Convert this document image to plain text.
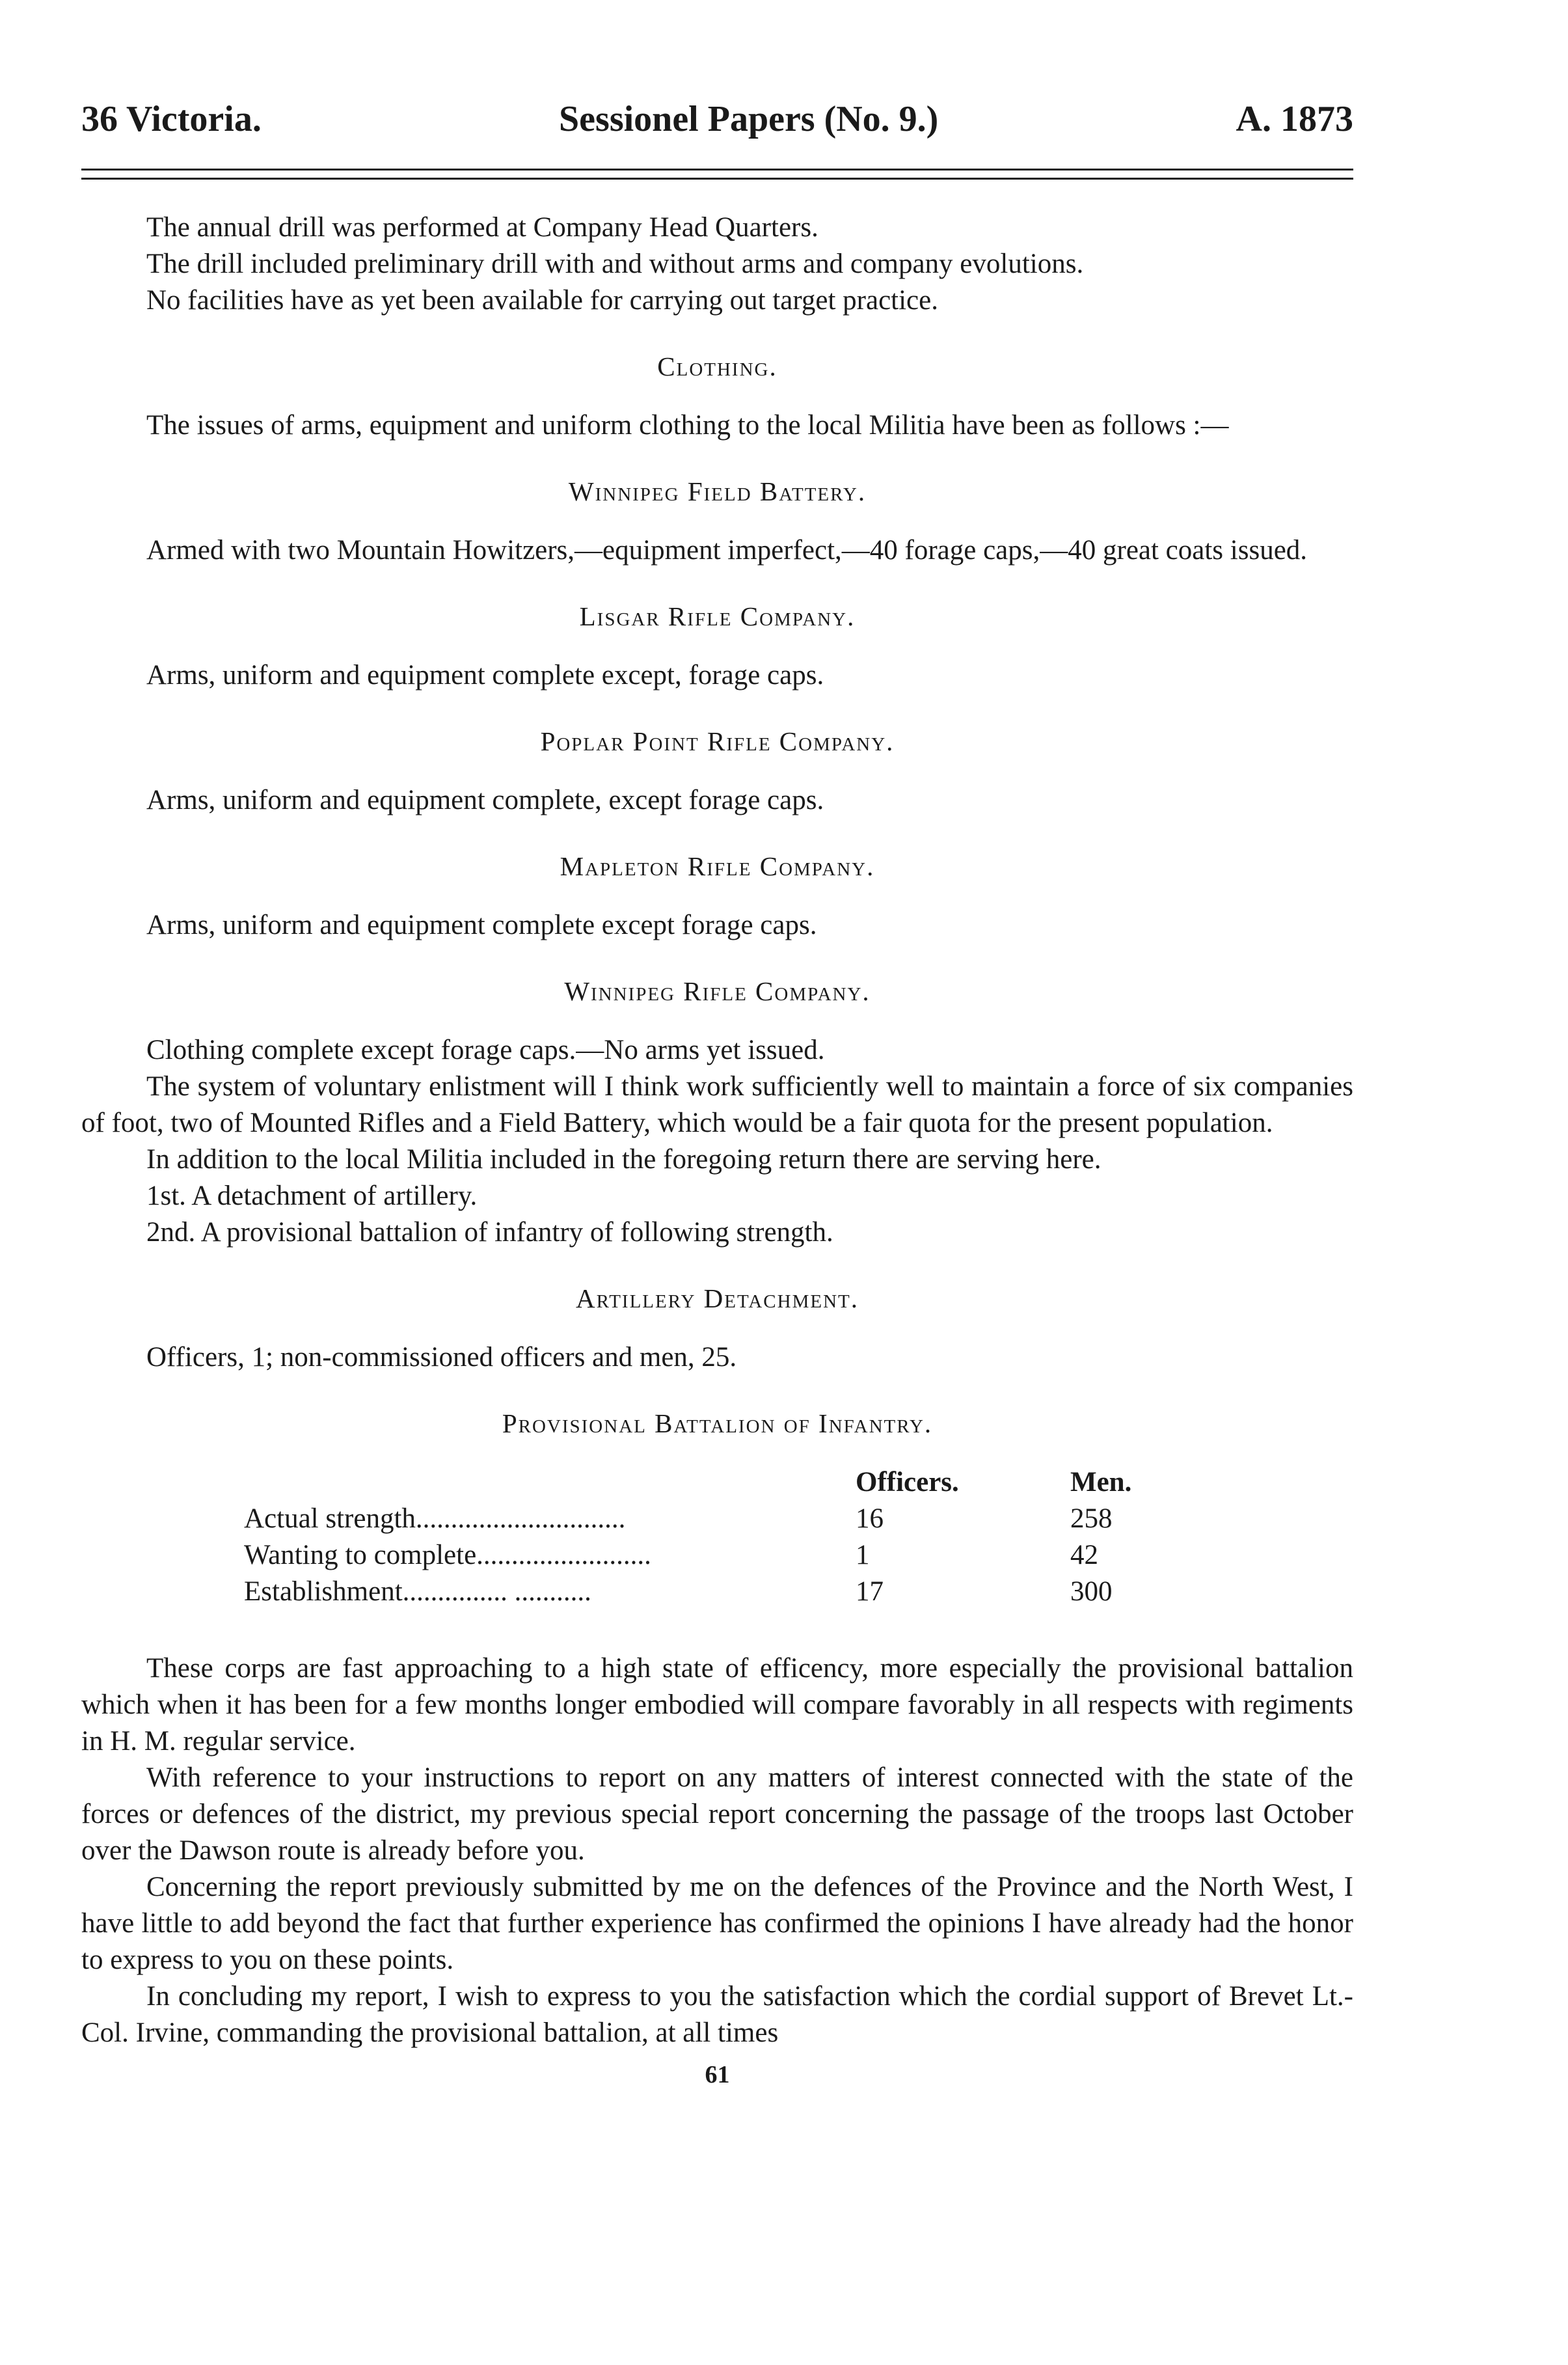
36 Victoria.	Sessionel Papers (No. 9.)	A. 1873

The annual drill was performed at Company Head Quarters.

The drill included preliminary drill with and without arms and company evolutions.

No facilities have as yet been available for carrying out target practice.

Clothing.

The issues of arms, equipment and uniform clothing to the local Militia have been as follows :—

Winnipeg Field Battery.

Armed with two Mountain Howitzers,—equipment imperfect,—40 forage caps,—40 great coats issued.

Lisgar Rifle Company.

Arms, uniform and equipment complete except, forage caps.

Poplar Point Rifle Company.

Arms, uniform and equipment complete, except forage caps.

Mapleton Rifle Company.

Arms, uniform and equipment complete except forage caps.

Winnipeg Rifle Company.

Clothing complete except forage caps.—No arms yet issued.

The system of voluntary enlistment will I think work sufficiently well to maintain a force of six companies of foot, two of Mounted Rifles and a Field Battery, which would be a fair quota for the present population.

In addition to the local Militia included in the foregoing return there are serving here.

1st. A detachment of artillery.

2nd. A provisional battalion of infantry of following strength.

Artillery Detachment.

Officers, 1; non-commissioned officers and men, 25.

Provisional Battalion of Infantry.
	Officers.	Men.
Actual strength..............................	16	258
Wanting to complete.........................	1	42
Establishment............... ...........	17	300

These corps are fast approaching to a high state of efficency, more especially the provisional battalion which when it has been for a few months longer embodied will compare favorably in all respects with regiments in H. M. regular service.

With reference to your instructions to report on any matters of interest connected with the state of the forces or defences of the district, my previous special report concerning the passage of the troops last October over the Dawson route is already before you.

Concerning the report previously submitted by me on the defences of the Province and the North West, I have little to add beyond the fact that further experience has confirmed the opinions I have already had the honor to express to you on these points.

In concluding my report, I wish to express to you the satisfaction which the cordial support of Brevet Lt.-Col. Irvine, commanding the provisional battalion, at all times

61
